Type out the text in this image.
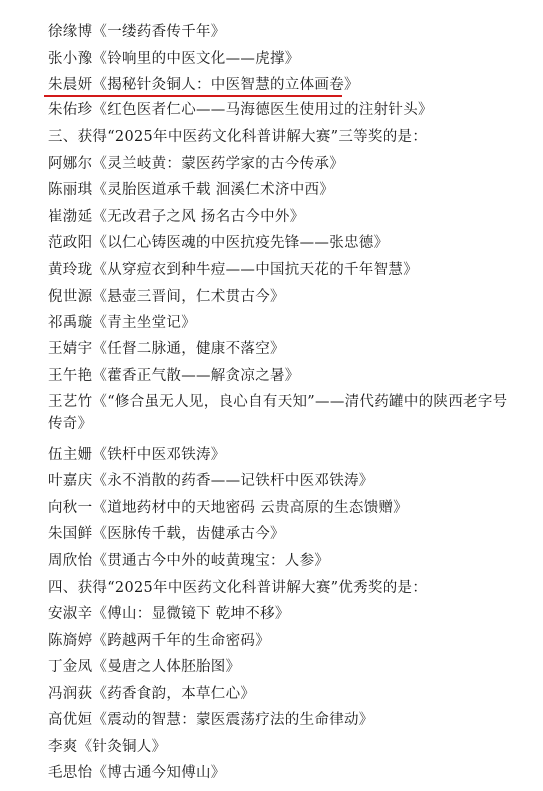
徐缘博《一缕药香传千年》
张小豫《铃响里的中医文化——虎撑》
朱晨妍《揭秘针灸铜人：中医智慧的立体画卷》
朱佑珍《红色医者仁心——马海德医生使用过的注射针头》
三、获得“2025年中医药文化科普讲解大赛”三等奖的是：
阿娜尔《灵兰岐黄：蒙医药学家的古今传承》
陈丽琪《灵胎医道承千载 洄溪仁术济中西》
崔渤延《无改君子之风 扬名古今中外》
范政阳《以仁心铸医魂的中医抗疫先锋——张忠德》
黄玲珑《从穿痘衣到种牛痘——中国抗天花的千年智慧》
倪世源《悬壶三晋间，仁术贯古今》
祁禹璇《青主坐堂记》
王婧宇《任督二脉通，健康不落空》
王午艳《藿香正气散——解贪凉之暑》
王艺竹《“修合虽无人见，良心自有天知”——清代药罐中的陕西老字号传奇》
伍主姗《铁杆中医邓铁涛》
叶嘉庆《永不消散的药香——记铁杆中医邓铁涛》
向秋一《道地药材中的天地密码 云贵高原的生态馈赠》
朱国鲜《医脉传千载，齿健承古今》
周欣怡《贯通古今中外的岐黄瑰宝：人参》
四、获得“2025年中医药文化科普讲解大赛”优秀奖的是：
安淑辛《傅山：显微镜下 乾坤不移》
陈旖婷《跨越两千年的生命密码》
丁金凤《曼唐之人体胚胎图》
冯润荻《药香食韵，本草仁心》
高优姮《震动的智慧：蒙医震荡疗法的生命律动》
李爽《针灸铜人》
毛思怡《博古通今知傅山》
